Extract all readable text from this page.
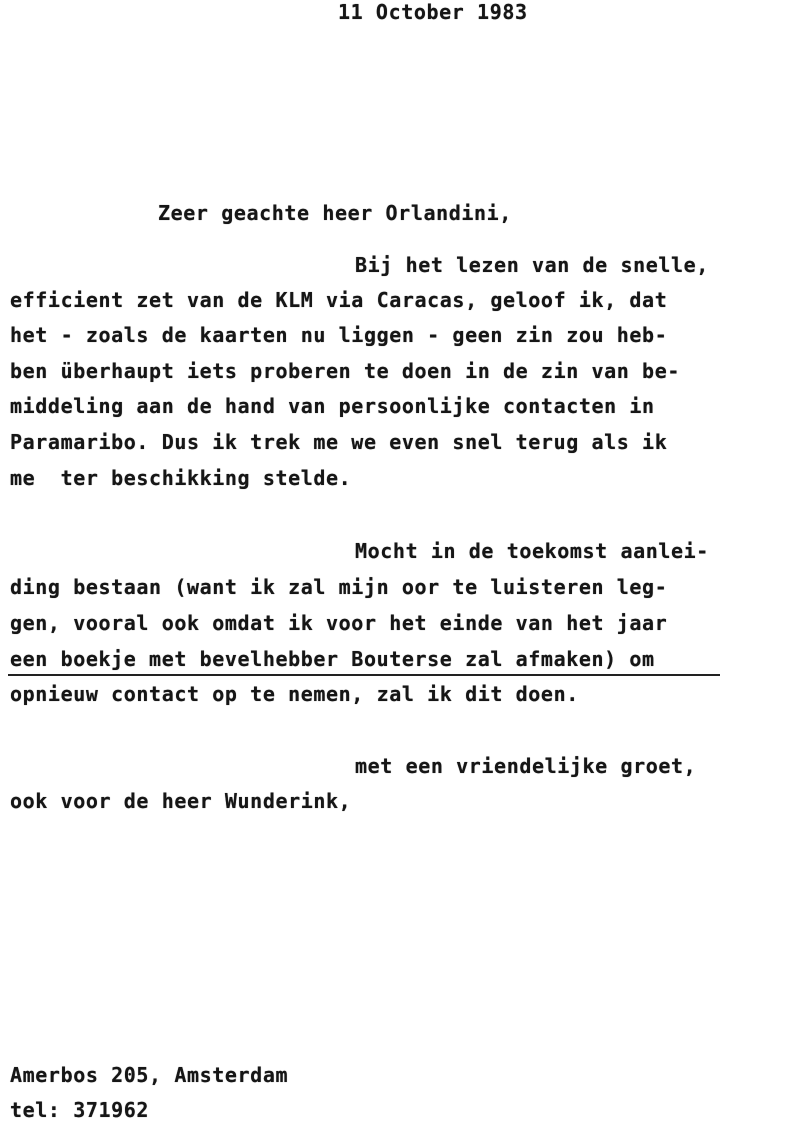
11 October 1983
Zeer geachte heer Orlandini,
Bij het lezen van de snelle,
efficient zet van de KLM via Caracas, geloof ik, dat
het - zoals de kaarten nu liggen - geen zin zou heb-
ben überhaupt iets proberen te doen in de zin van be-
middeling aan de hand van persoonlijke contacten in
Paramaribo. Dus ik trek me we even snel terug als ik
me  ter beschikking stelde.
Mocht in de toekomst aanlei-
ding bestaan (want ik zal mijn oor te luisteren leg-
gen, vooral ook omdat ik voor het einde van het jaar
een boekje met bevelhebber Bouterse zal afmaken) om
opnieuw contact op te nemen, zal ik dit doen.
met een vriendelijke groet,
ook voor de heer Wunderink,
Amerbos 205, Amsterdam
tel: 371962
